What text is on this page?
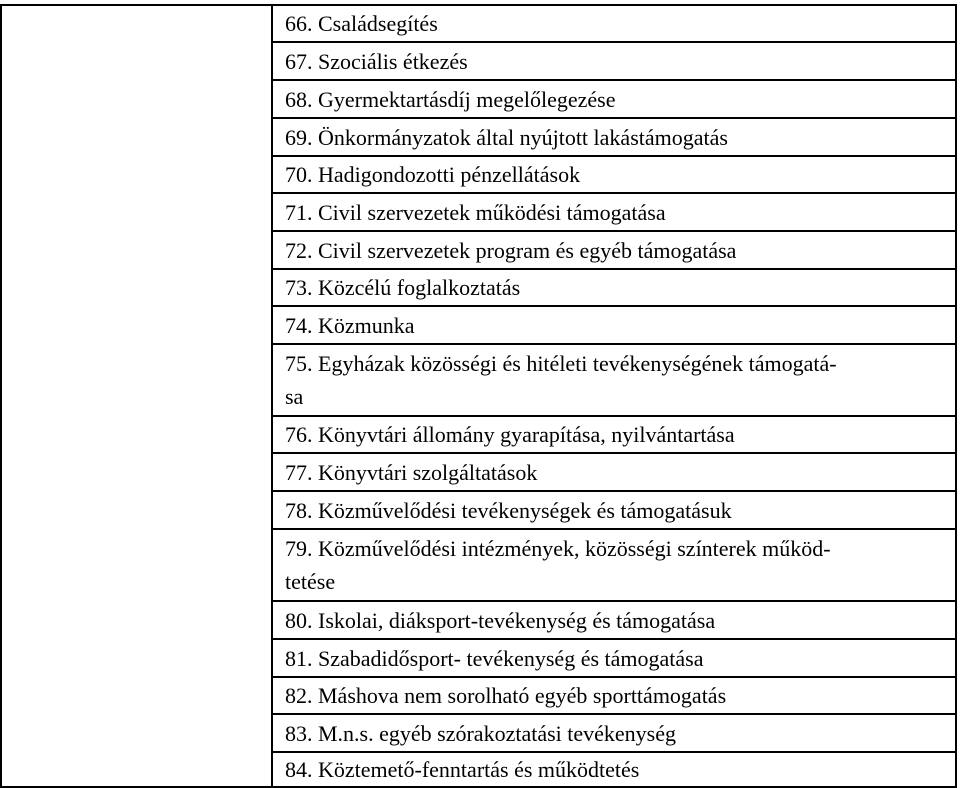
	66. Családsegítés
67. Szociális étkezés
68. Gyermektartásdíj megelőlegezése
69. Önkormányzatok által nyújtott lakástámogatás
70. Hadigondozotti pénzellátások
71. Civil szervezetek működési támogatása
72. Civil szervezetek program és egyéb támogatása
73. Közcélú foglalkoztatás
74. Közmunka
75. Egyházak közösségi és hitéleti tevékenységének támogatá-
sa
76. Könyvtári állomány gyarapítása, nyilvántartása
77. Könyvtári szolgáltatások
78. Közművelődési tevékenységek és támogatásuk
79. Közművelődési intézmények, közösségi színterek működ-
tetése
80. Iskolai, diáksport-tevékenység és támogatása
81. Szabadidősport- tevékenység és támogatása
82. Máshova nem sorolható egyéb sporttámogatás
83. M.n.s. egyéb szórakoztatási tevékenység
84. Köztemető-fenntartás és működtetés
